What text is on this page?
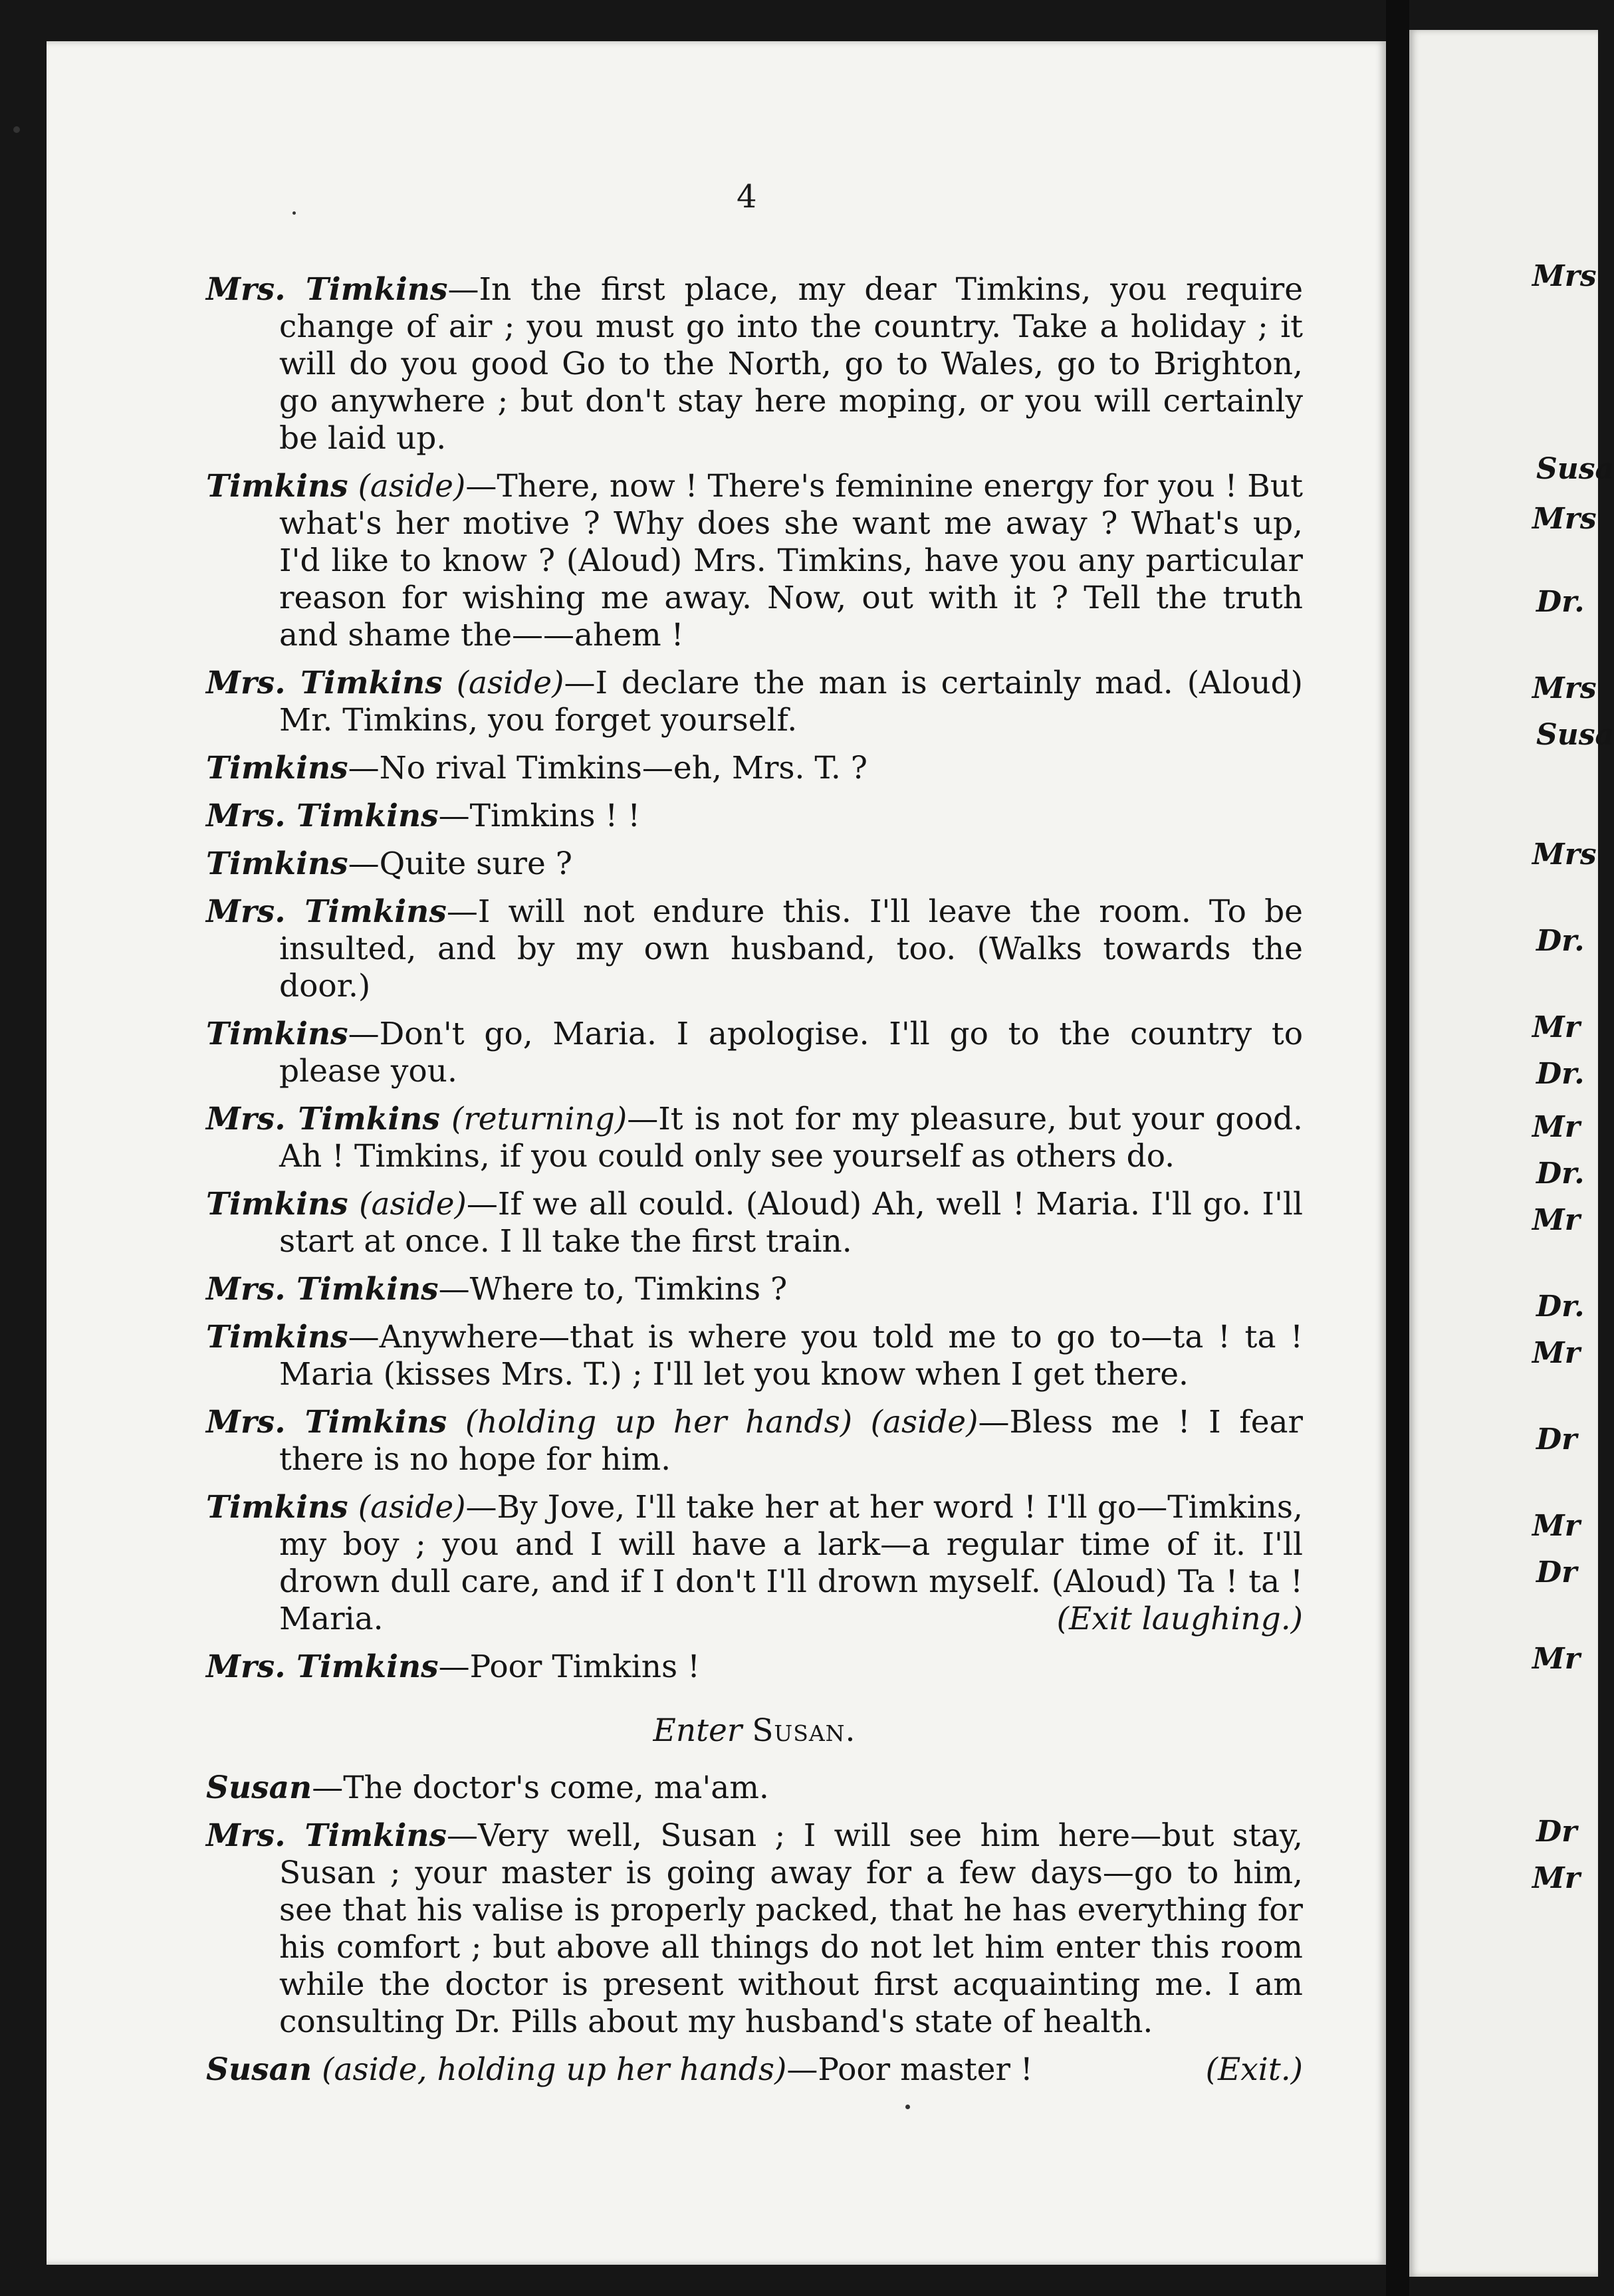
4

Mrs. Timkins—In the first place, my dear Timkins, you require change of air ; you must go into the country. Take a holiday ; it will do you good Go to the North, go to Wales, go to Brighton, go anywhere ; but don't stay here moping, or you will certainly be laid up.

Timkins (aside)—There, now ! There's feminine energy for you ! But what's her motive ? Why does she want me away ? What's up, I'd like to know ? (Aloud) Mrs. Timkins, have you any particular reason for wishing me away. Now, out with it ? Tell the truth and shame the——ahem !

Mrs. Timkins (aside)—I declare the man is certainly mad. (Aloud) Mr. Timkins, you forget yourself.

Timkins—No rival Timkins—eh, Mrs. T. ?

Mrs. Timkins—Timkins ! !

Timkins—Quite sure ?

Mrs. Timkins—I will not endure this. I'll leave the room. To be insulted, and by my own husband, too. (Walks towards the door.)

Timkins—Don't go, Maria. I apologise. I'll go to the country to please you.

Mrs. Timkins (returning)—It is not for my pleasure, but your good. Ah ! Timkins, if you could only see yourself as others do.

Timkins (aside)—If we all could. (Aloud) Ah, well ! Maria. I'll go. I'll start at once. I ll take the first train.

Mrs. Timkins—Where to, Timkins ?

Timkins—Anywhere—that is where you told me to go to—ta ! ta ! Maria (kisses Mrs. T.) ; I'll let you know when I get there.

Mrs. Timkins (holding up her hands) (aside)—Bless me ! I fear there is no hope for him.

Timkins (aside)—By Jove, I'll take her at her word ! I'll go—Timkins, my boy ; you and I will have a lark—a regular time of it. I'll drown dull care, and if I don't I'll drown myself. (Aloud) Ta ! ta ! Maria.	(Exit laughing.)

Mrs. Timkins—Poor Timkins !

Enter Susan.

Susan—The doctor's come, ma'am.

Mrs. Timkins—Very well, Susan ; I will see him here—but stay, Susan ; your master is going away for a few days—go to him, see that his valise is properly packed, that he has everything for his comfort ; but above all things do not let him enter this room while the doctor is present without first acquainting me. I am consulting Dr. Pills about my husband's state of health.

Susan (aside, holding up her hands)—Poor master !	(Exit.)

Mrs
Susa
Mrs
Dr.
Mrs
Susa
Mrs
Dr.
Mr
Dr.
Mr
Dr.
Mr
Dr.
Mr
Dr
Mr
Dr
Mr
Dr
Mr
